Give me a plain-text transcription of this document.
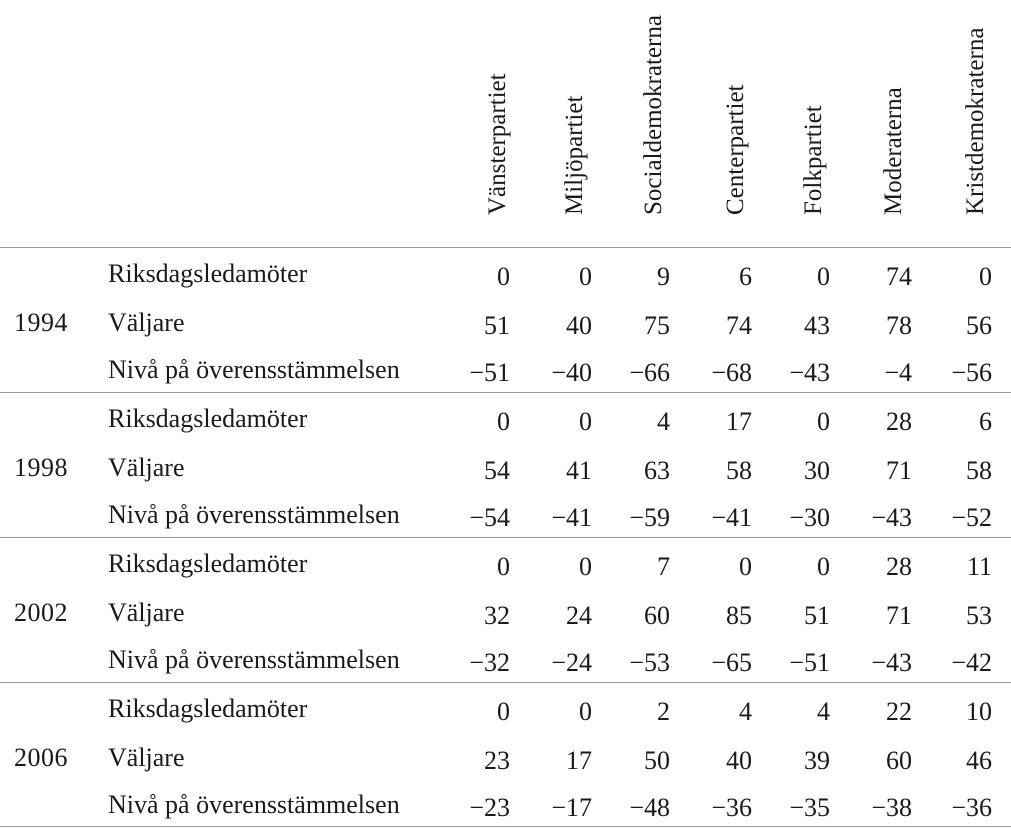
Vänsterpartiet Miljöpartiet Socialdemokraterna Centerpartiet Folkpartiet Moderaterna Kristdemokraterna
1994
Riksdagsledamöter	0	0	9	6	0	74	0
Väljare	51	40	75	74	43	78	56
Nivå på överensstämmelsen	−51	−40	−66	−68	−43	−4	−56
1998
Riksdagsledamöter	0	0	4	17	0	28	6
Väljare	54	41	63	58	30	71	58
Nivå på överensstämmelsen	−54	−41	−59	−41	−30	−43	−52
2002
Riksdagsledamöter	0	0	7	0	0	28	11
Väljare	32	24	60	85	51	71	53
Nivå på överensstämmelsen	−32	−24	−53	−65	−51	−43	−42
2006
Riksdagsledamöter	0	0	2	4	4	22	10
Väljare	23	17	50	40	39	60	46
Nivå på överensstämmelsen	−23	−17	−48	−36	−35	−38	−36
